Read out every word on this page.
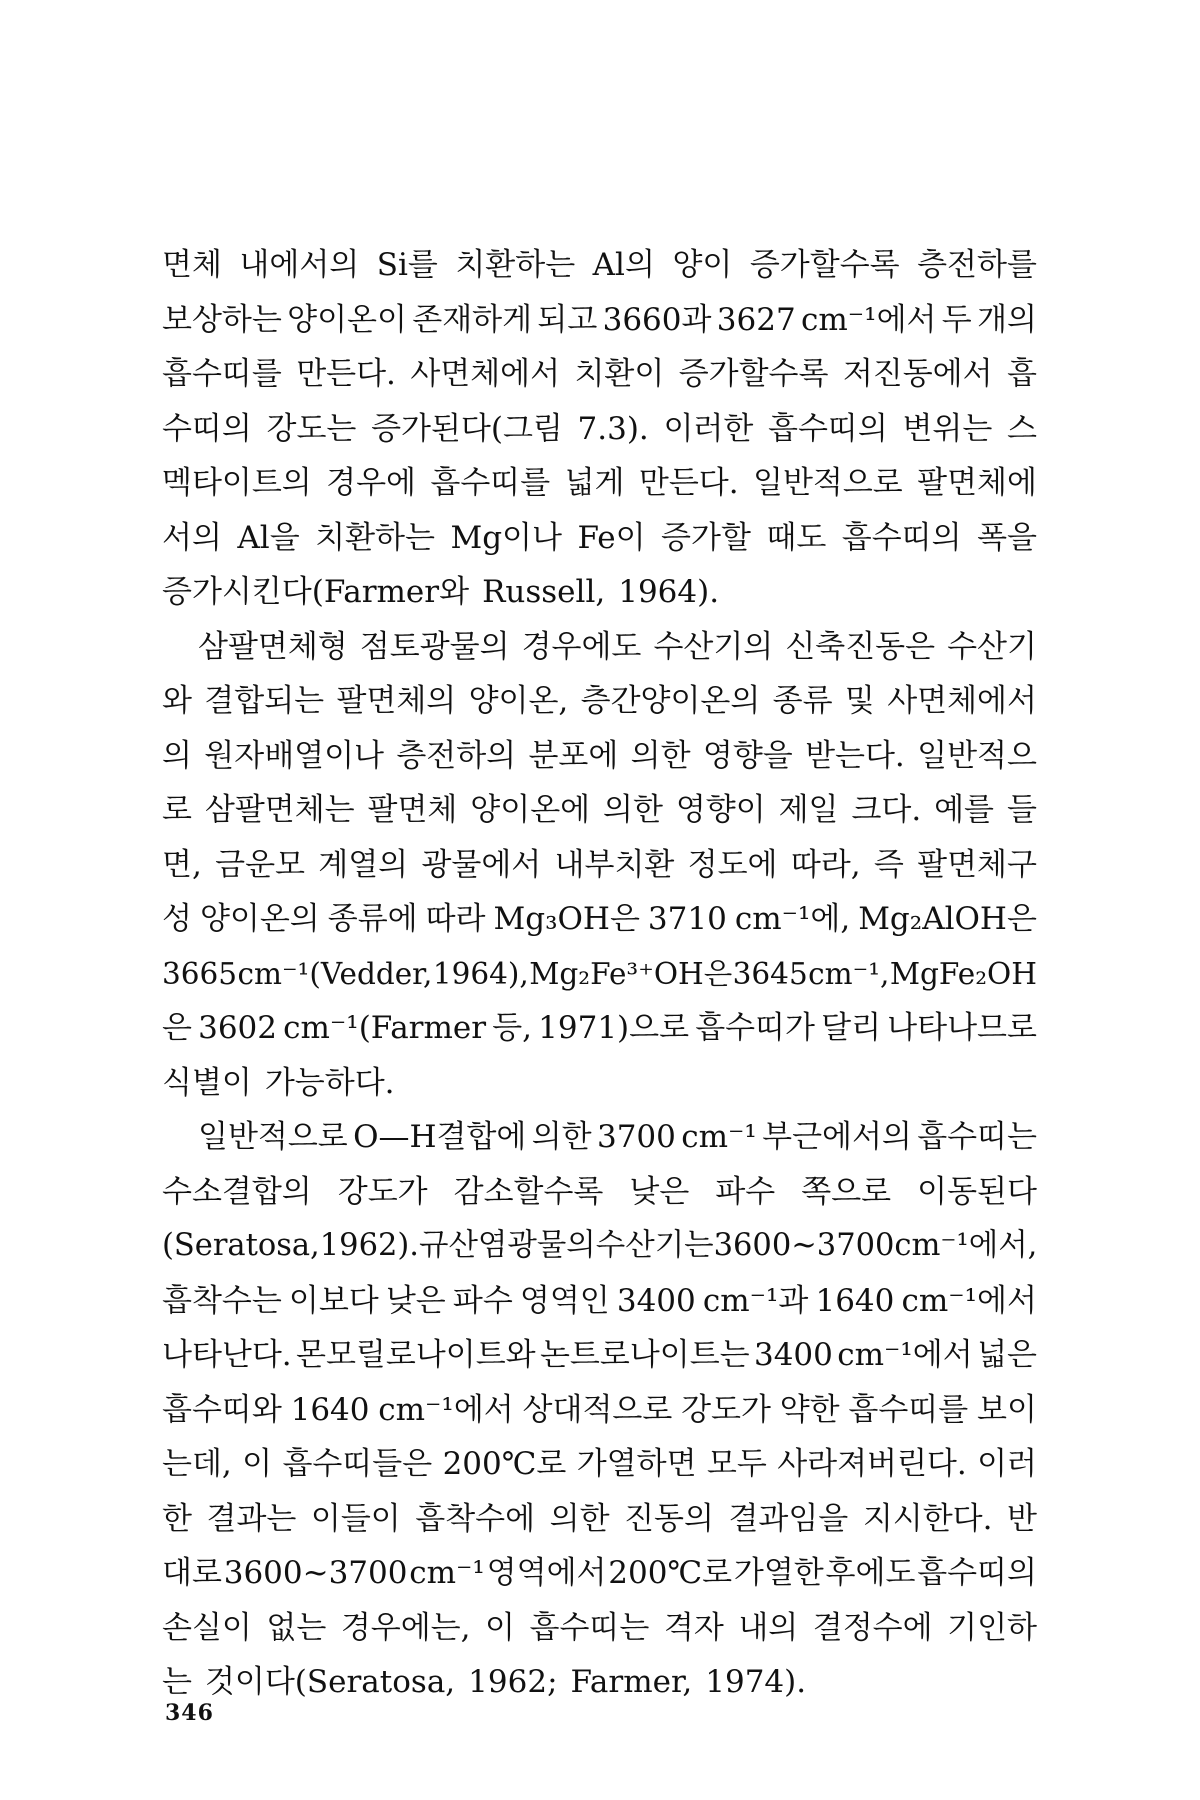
면체 내에서의 Si를 치환하는 Al의 양이 증가할수록 층전하를
보상하는 양이온이 존재하게 되고 3660과 3627 cm⁻¹에서 두 개의
흡수띠를 만든다. 사면체에서 치환이 증가할수록 저진동에서 흡
수띠의 강도는 증가된다(그림 7.3). 이러한 흡수띠의 변위는 스
멕타이트의 경우에 흡수띠를 넓게 만든다. 일반적으로 팔면체에
서의 Al을 치환하는 Mg이나 Fe이 증가할 때도 흡수띠의 폭을
증가시킨다(Farmer와 Russell, 1964).
삼팔면체형 점토광물의 경우에도 수산기의 신축진동은 수산기
와 결합되는 팔면체의 양이온, 층간양이온의 종류 및 사면체에서
의 원자배열이나 층전하의 분포에 의한 영향을 받는다. 일반적으
로 삼팔면체는 팔면체 양이온에 의한 영향이 제일 크다. 예를 들
면, 금운모 계열의 광물에서 내부치환 정도에 따라, 즉 팔면체구
성 양이온의 종류에 따라 Mg₃OH은 3710 cm⁻¹에, Mg₂AlOH은
3665 cm⁻¹(Vedder, 1964), Mg₂Fe³⁺OH은 3645 cm⁻¹, MgFe₂OH
은 3602 cm⁻¹(Farmer 등, 1971)으로 흡수띠가 달리 나타나므로
식별이 가능하다.
일반적으로 O—H결합에 의한 3700 cm⁻¹ 부근에서의 흡수띠는
수소결합의 강도가 감소할수록 낮은 파수 쪽으로 이동된다
(Seratosa, 1962). 규산염광물의 수산기는 3600~3700 cm⁻¹에서,
흡착수는 이보다 낮은 파수 영역인 3400 cm⁻¹과 1640 cm⁻¹에서
나타난다. 몬모릴로나이트와 논트로나이트는 3400 cm⁻¹에서 넓은
흡수띠와 1640 cm⁻¹에서 상대적으로 강도가 약한 흡수띠를 보이
는데, 이 흡수띠들은 200℃로 가열하면 모두 사라져버린다. 이러
한 결과는 이들이 흡착수에 의한 진동의 결과임을 지시한다. 반
대로 3600~3700 cm⁻¹ 영역에서 200℃로 가열한 후에도 흡수띠의
손실이 없는 경우에는, 이 흡수띠는 격자 내의 결정수에 기인하
는 것이다(Seratosa, 1962; Farmer, 1974).
346
